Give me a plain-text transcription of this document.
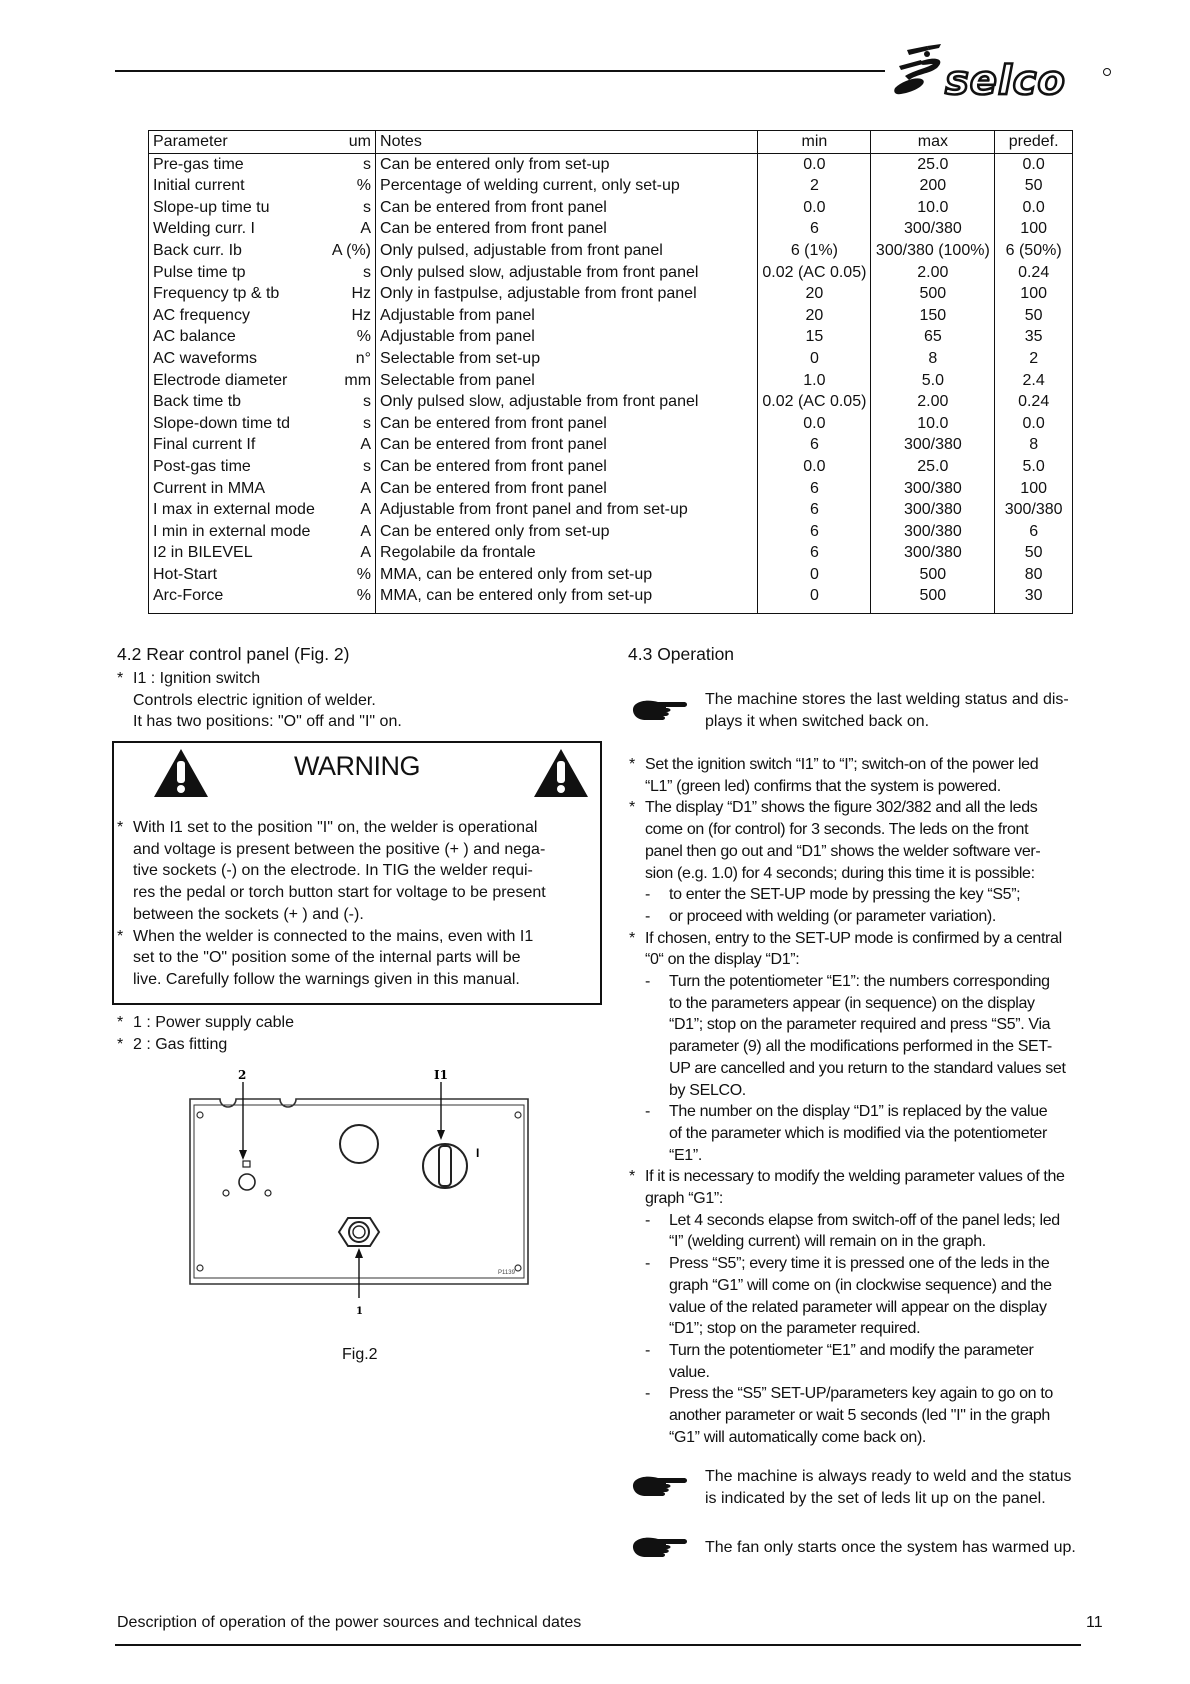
selco
Parameter	um	Notes	min	max	predef.
Pre-gas time	s	Can be entered only from set-up	0.0	25.0	0.0
Initial current	%	Percentage of welding current, only set-up	2	200	50
Slope-up time tu	s	Can be entered from front panel	0.0	10.0	0.0
Welding curr. I	A	Can be entered from front panel	6	300/380	100
Back curr. Ib	A (%)	Only pulsed, adjustable from front panel	6 (1%)	300/380 (100%)	6 (50%)
Pulse time tp	s	Only pulsed slow, adjustable from front panel	0.02 (AC 0.05)	2.00	0.24
Frequency tp & tb	Hz	Only in fastpulse, adjustable from front panel	20	500	100
AC frequency	Hz	Adjustable from panel	20	150	50
AC balance	%	Adjustable from panel	15	65	35
AC waveforms	n°	Selectable from set-up	0	8	2
Electrode diameter	mm	Selectable from panel	1.0	5.0	2.4
Back time tb	s	Only pulsed slow, adjustable from front panel	0.02 (AC 0.05)	2.00	0.24
Slope-down time td	s	Can be entered from front panel	0.0	10.0	0.0
Final current If	A	Can be entered from front panel	6	300/380	8
Post-gas time	s	Can be entered from front panel	0.0	25.0	5.0
Current in MMA	A	Can be entered from front panel	6	300/380	100
I max in external mode	A	Adjustable from front panel and from set-up	6	300/380	300/380
I min in external mode	A	Can be entered only from set-up	6	300/380	6
I2 in BILEVEL	A	Regolabile da frontale	6	300/380	50
Hot-Start	%	MMA, can be entered only from set-up	0	500	80
Arc-Force	%	MMA, can be entered only from set-up	0	500	30
4.2 Rear control panel (Fig. 2)
* I1 : Ignition switch
Controls electric ignition of welder.
It has two positions: "O" off and "I" on.
WARNING
* With I1 set to the position "I" on, the welder is operational
and voltage is present between the positive (+ ) and nega-
tive sockets (-) on the electrode. In TIG the welder requi-
res the pedal or torch button start for voltage to be present
between the sockets (+ ) and (-).
* When the welder is connected to the mains, even with I1
set to the "O" position some of the internal parts will be
live. Carefully follow the warnings given in this manual.
* 1 : Power supply cable
* 2 : Gas fitting
I
2	I1
1
P1139
Fig.2
4.3 Operation
The machine stores the last welding status and dis-
plays it when switched back on.
* Set the ignition switch “I1” to “I”; switch-on of the power led
“L1” (green led) confirms that the system is powered.
* The display “D1” shows the figure 302/382 and all the leds
come on (for control) for 3 seconds. The leds on the front
panel then go out and “D1” shows the welder software ver-
sion (e.g. 1.0) for 4 seconds; during this time it is possible:
- to enter the SET-UP mode by pressing the key “S5”;
- or proceed with welding (or parameter variation).
* If chosen, entry to the SET-UP mode is confirmed by a central
“0“ on the display “D1”:
- Turn the potentiometer “E1”: the numbers corresponding
to the parameters appear (in sequence) on the display
“D1”; stop on the parameter required and press “S5”. Via
parameter (9) all the modifications performed in the SET-
UP are cancelled and you return to the standard values set
by SELCO.
- The number on the display “D1” is replaced by the value
of the parameter which is modified via the potentiometer
“E1”.
* If it is necessary to modify the welding parameter values of the
graph “G1”:
- Let 4 seconds elapse from switch-off of the panel leds; led
“I” (welding current) will remain on in the graph.
- Press “S5”; every time it is pressed one of the leds in the
graph “G1” will come on (in clockwise sequence) and the
value of the related parameter will appear on the display
“D1”; stop on the parameter required.
- Turn the potentiometer “E1” and modify the parameter
value.
- Press the “S5” SET-UP/parameters key again to go on to
another parameter or wait 5 seconds (led "I" in the graph
“G1” will automatically come back on).
The machine is always ready to weld and the status
is indicated by the set of leds lit up on the panel.
The fan only starts once the system has warmed up.
Description of operation of the power sources and technical dates	11
